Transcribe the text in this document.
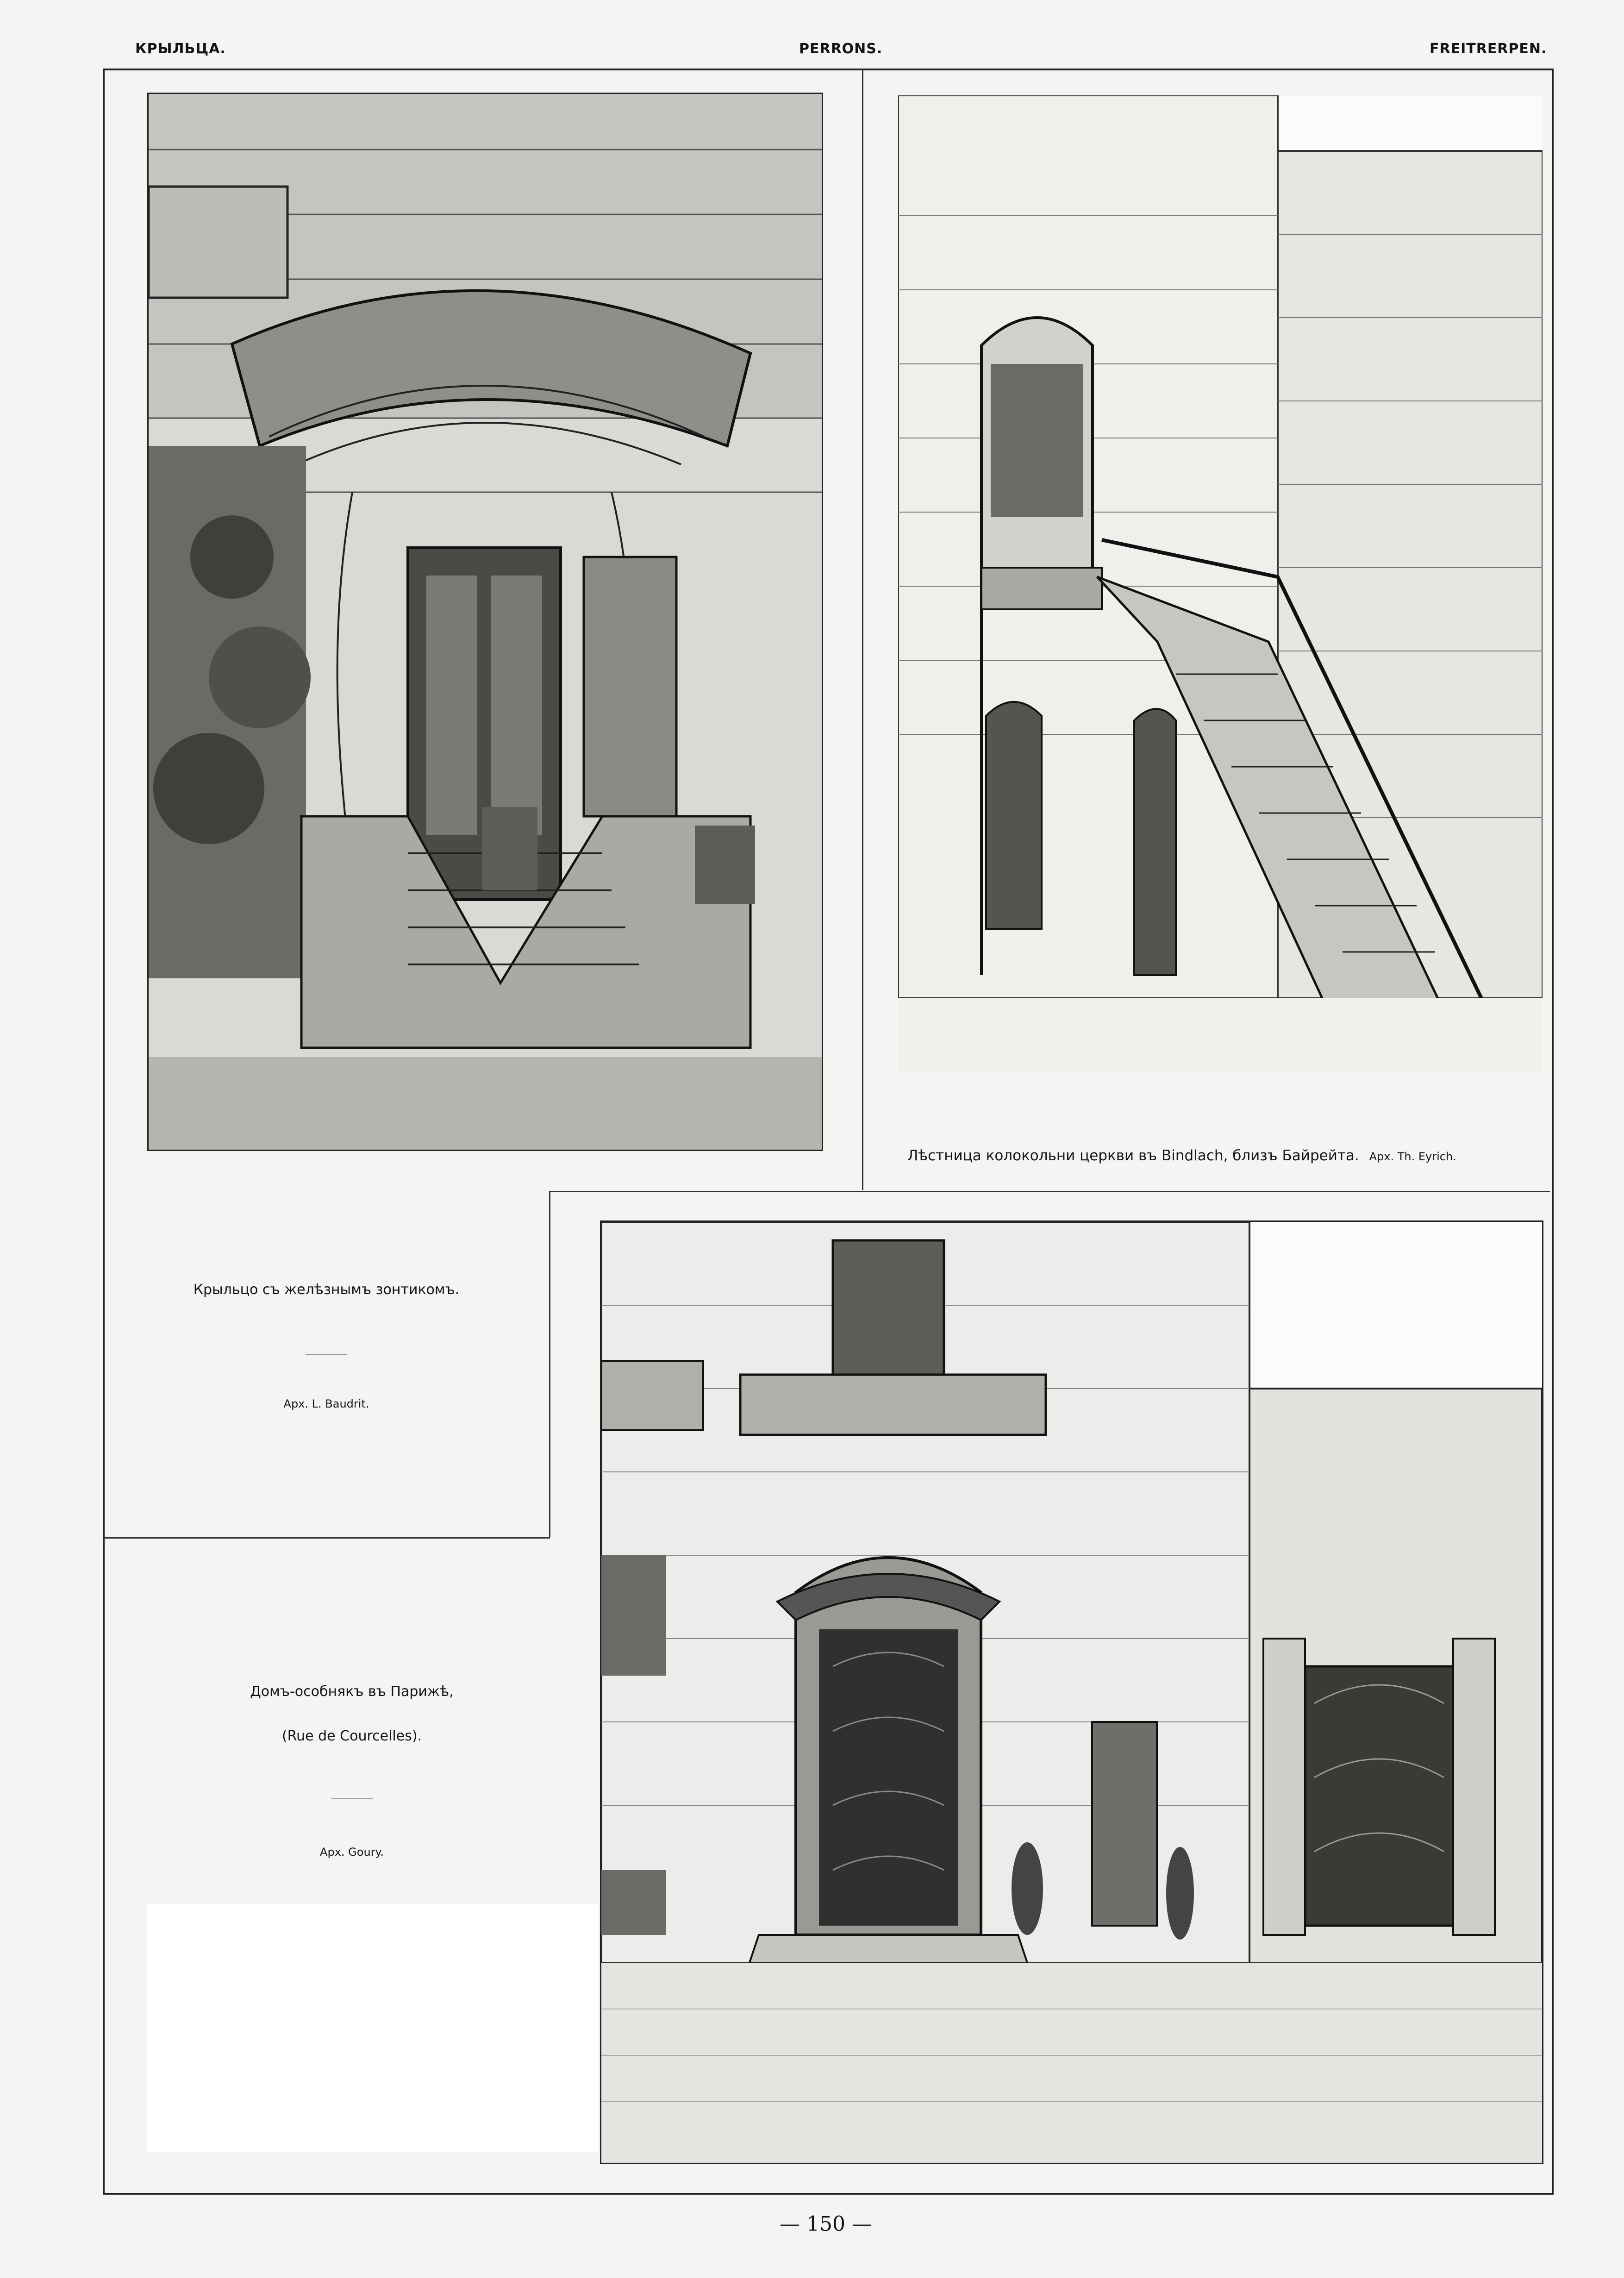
КРЫЛЬЦА.	PERRONS.	FREITRERPEN.
Лѣстница колокольни церкви въ Bindlach, близъ Байрейта. Арх. Th. Eyrich.
Крыльцо съ желѣзнымъ зонтикомъ.
Арх. L. Baudrit.
Домъ-особнякъ въ Парижѣ,
(Rue de Courcelles).
Арх. Goury.
— 150 —
